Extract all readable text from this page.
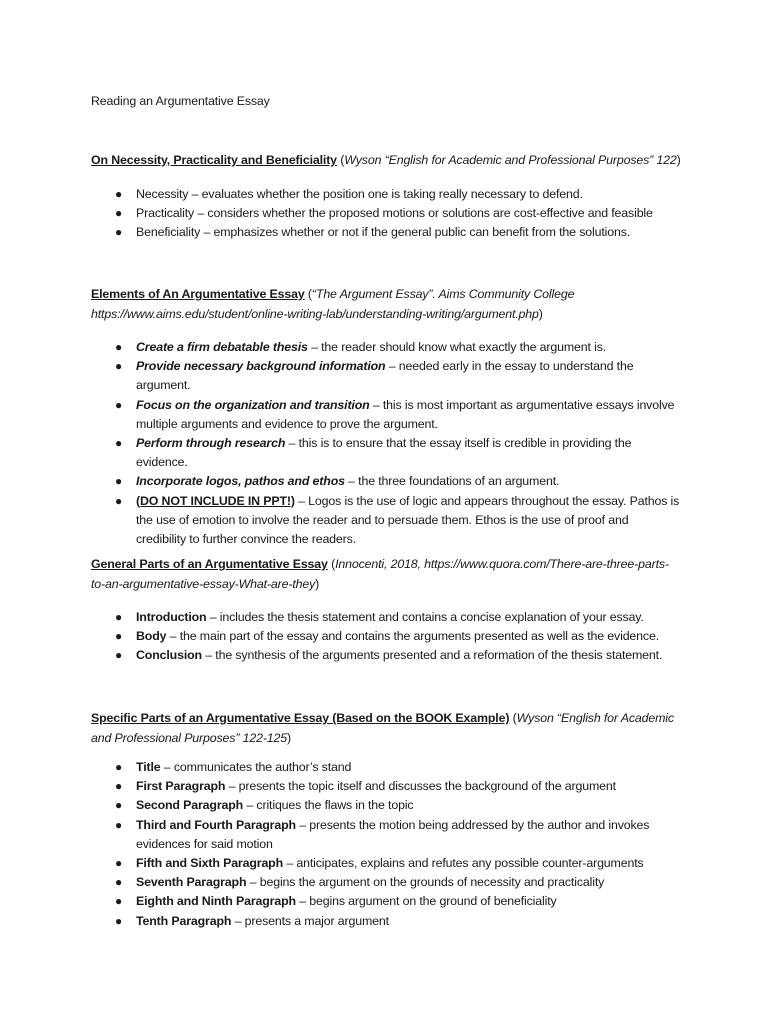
Reading an Argumentative Essay

On Necessity, Practicality and Beneficiality (Wyson “English for Academic and Professional Purposes” 122)

● Necessity – evaluates whether the position one is taking really necessary to defend.
● Practicality – considers whether the proposed motions or solutions are cost-effective and feasible
● Beneficiality – emphasizes whether or not if the general public can benefit from the solutions.

Elements of An Argumentative Essay (“The Argument Essay”. Aims Community College https://www.aims.edu/student/online-writing-lab/understanding-writing/argument.php)

● Create a firm debatable thesis – the reader should know what exactly the argument is.
● Provide necessary background information – needed early in the essay to understand the argument.
● Focus on the organization and transition – this is most important as argumentative essays involve multiple arguments and evidence to prove the argument.
● Perform through research – this is to ensure that the essay itself is credible in providing the evidence.
● Incorporate logos, pathos and ethos – the three foundations of an argument.
● (DO NOT INCLUDE IN PPT!) – Logos is the use of logic and appears throughout the essay. Pathos is the use of emotion to involve the reader and to persuade them. Ethos is the use of proof and credibility to further convince the readers.

General Parts of an Argumentative Essay (Innocenti, 2018, https://www.quora.com/There-are-three-parts-to-an-argumentative-essay-What-are-they)

● Introduction – includes the thesis statement and contains a concise explanation of your essay.
● Body – the main part of the essay and contains the arguments presented as well as the evidence.
● Conclusion – the synthesis of the arguments presented and a reformation of the thesis statement.

Specific Parts of an Argumentative Essay (Based on the BOOK Example) (Wyson “English for Academic and Professional Purposes” 122-125)

● Title – communicates the author’s stand
● First Paragraph – presents the topic itself and discusses the background of the argument
● Second Paragraph – critiques the flaws in the topic
● Third and Fourth Paragraph – presents the motion being addressed by the author and invokes evidences for said motion
● Fifth and Sixth Paragraph – anticipates, explains and refutes any possible counter-arguments
● Seventh Paragraph – begins the argument on the grounds of necessity and practicality
● Eighth and Ninth Paragraph – begins argument on the ground of beneficiality
● Tenth Paragraph – presents a major argument
